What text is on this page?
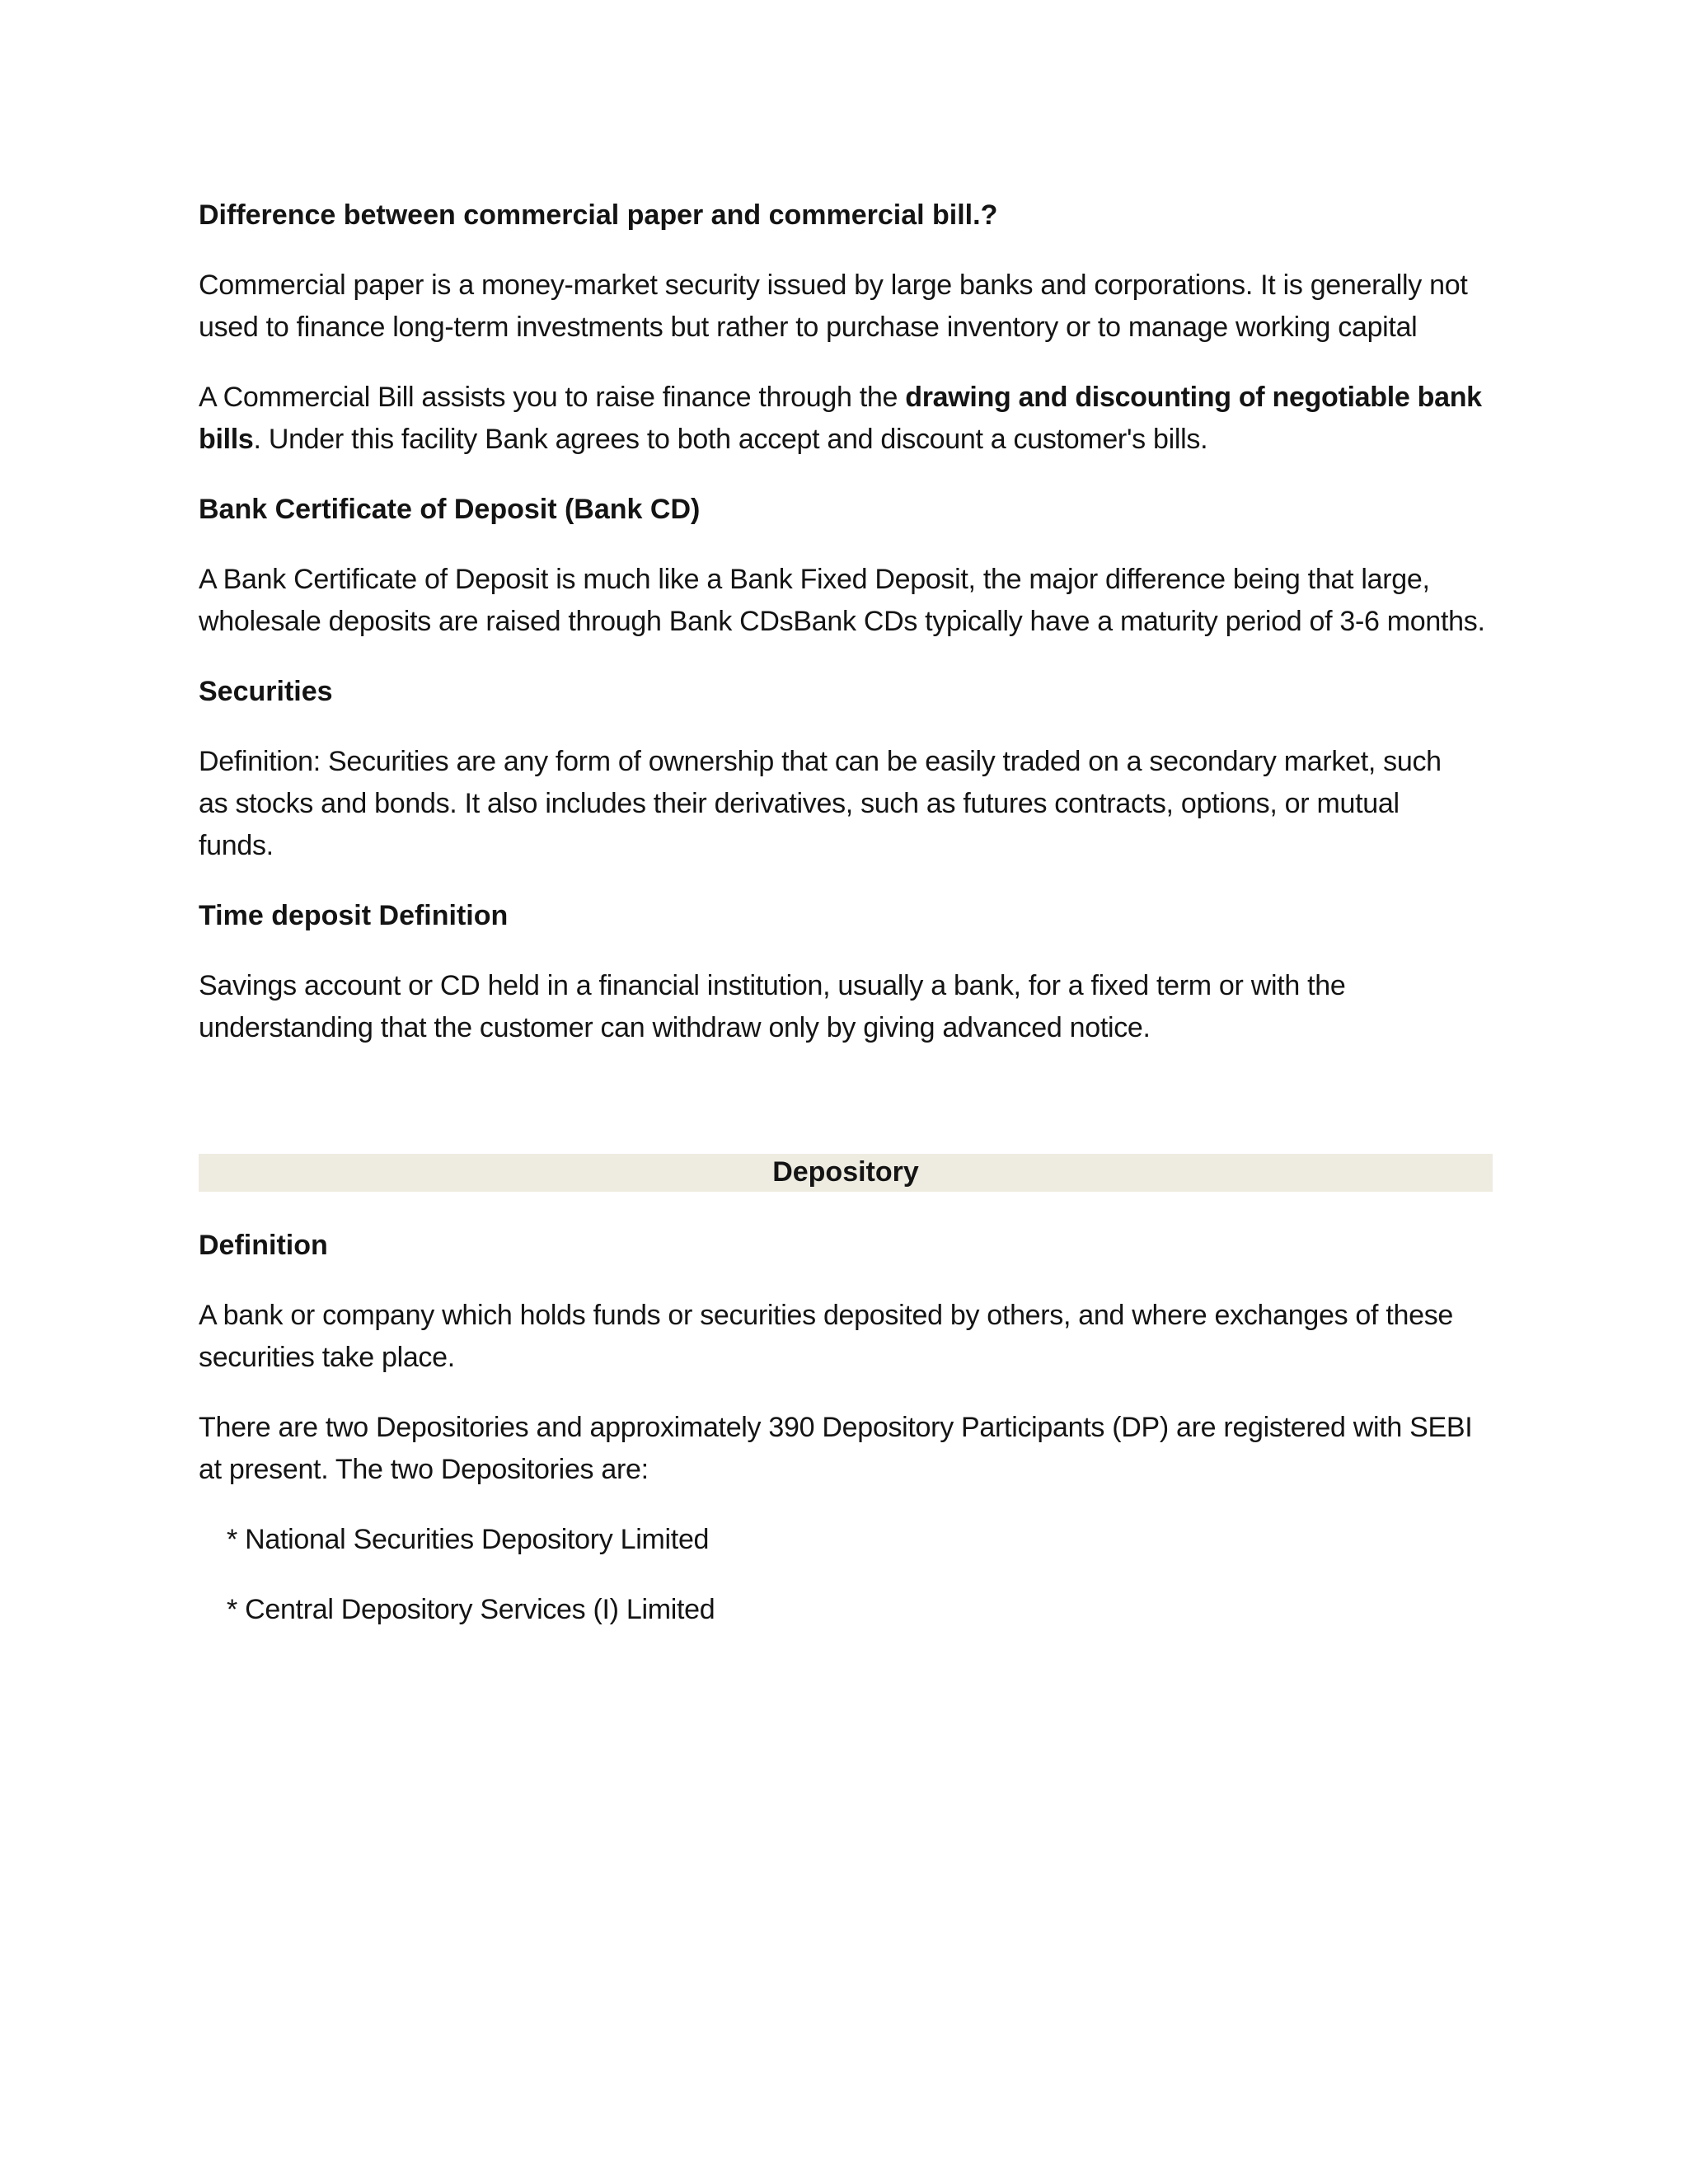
Difference between commercial paper and commercial bill.?
Commercial paper is a money-market security issued by large banks and corporations. It is generally not
used to finance long-term investments but rather to purchase inventory or to manage working capital
A Commercial Bill assists you to raise finance through the drawing and discounting of negotiable bank
bills. Under this facility Bank agrees to both accept and discount a customer's bills.
Bank Certificate of Deposit (Bank CD)
A Bank Certificate of Deposit is much like a Bank Fixed Deposit, the major difference being that large,
wholesale deposits are raised through Bank CDsBank CDs typically have a maturity period of 3-6 months.
Securities
Definition: Securities are any form of ownership that can be easily traded on a secondary market, such
as stocks and bonds. It also includes their derivatives, such as futures contracts, options, or mutual
funds.
Time deposit Definition
Savings account or CD held in a financial institution, usually a bank, for a fixed term or with the
understanding that the customer can withdraw only by giving advanced notice.
Depository
Definition
A bank or company which holds funds or securities deposited by others, and where exchanges of these
securities take place.
There are two Depositories and approximately 390 Depository Participants (DP) are registered with SEBI
at present. The two Depositories are:
* National Securities Depository Limited
* Central Depository Services (I) Limited
